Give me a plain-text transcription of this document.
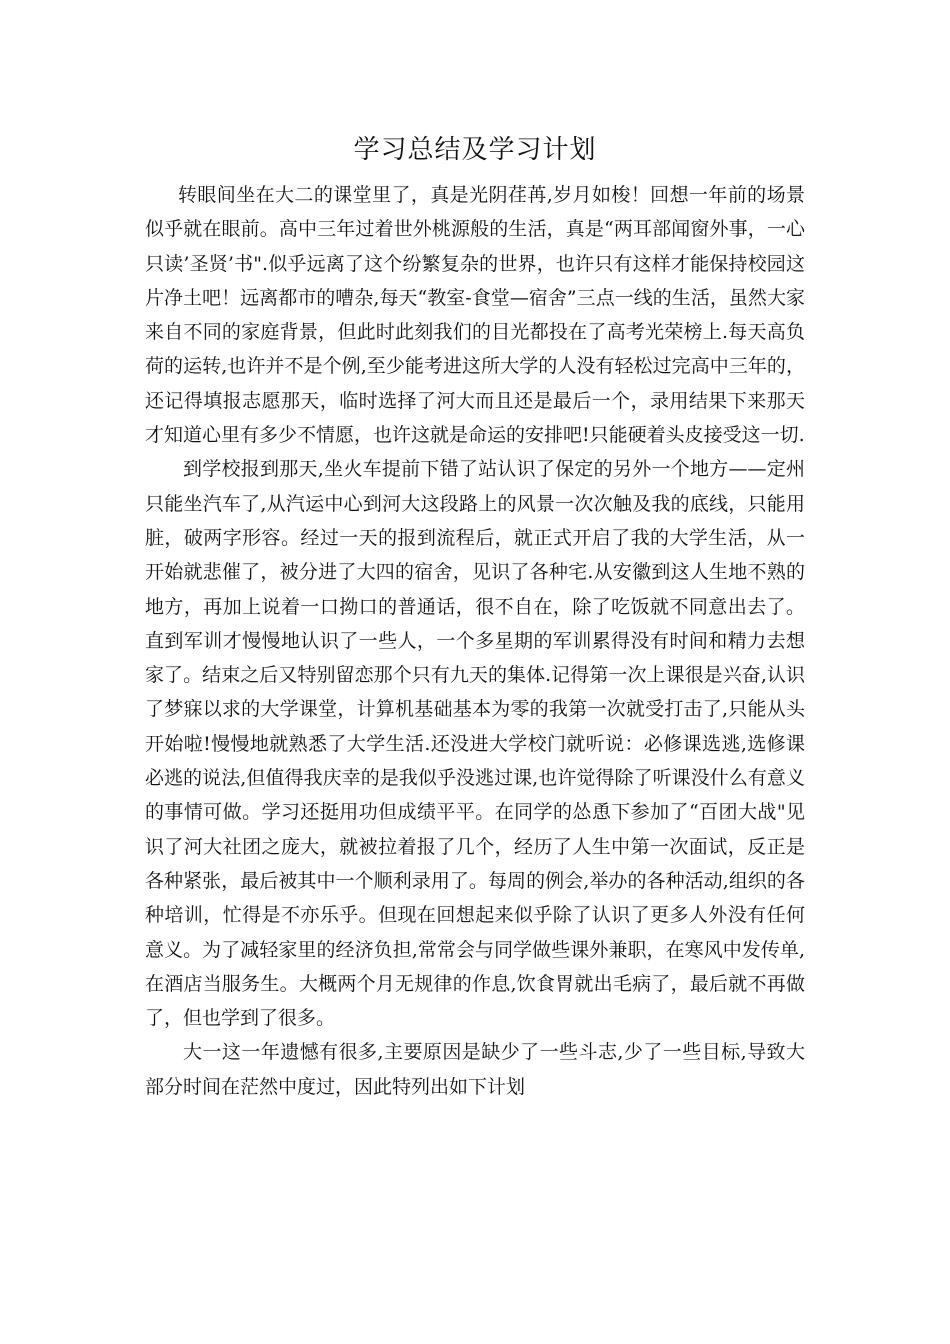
学习总结及学习计划

转眼间坐在大二的课堂里了，真是光阴荏苒,岁月如梭！回想一年前的场景似乎就在眼前。高中三年过着世外桃源般的生活，真是“两耳部闻窗外事，一心只读’圣贤’书".似乎远离了这个纷繁复杂的世界，也许只有这样才能保持校园这片净土吧！远离都市的嘈杂,每天“教室-食堂—宿舍”三点一线的生活，虽然大家来自不同的家庭背景，但此时此刻我们的目光都投在了高考光荣榜上.每天高负荷的运转,也许并不是个例,至少能考进这所大学的人没有轻松过完高中三年的，还记得填报志愿那天，临时选择了河大而且还是最后一个，录用结果下来那天才知道心里有多少不情愿，也许这就是命运的安排吧!只能硬着头皮接受这一切.

到学校报到那天,坐火车提前下错了站认识了保定的另外一个地方——定州只能坐汽车了,从汽运中心到河大这段路上的风景一次次触及我的底线，只能用脏，破两字形容。经过一天的报到流程后，就正式开启了我的大学生活，从一开始就悲催了，被分进了大四的宿舍，见识了各种宅.从安徽到这人生地不熟的地方，再加上说着一口拗口的普通话，很不自在，除了吃饭就不同意出去了。直到军训才慢慢地认识了一些人，一个多星期的军训累得没有时间和精力去想家了。结束之后又特别留恋那个只有九天的集体.记得第一次上课很是兴奋,认识了梦寐以求的大学课堂，计算机基础基本为零的我第一次就受打击了,只能从头开始啦!慢慢地就熟悉了大学生活.还没进大学校门就听说：必修课选逃,选修课必逃的说法,但值得我庆幸的是我似乎没逃过课,也许觉得除了听课没什么有意义的事情可做。学习还挺用功但成绩平平。在同学的怂恿下参加了“百团大战"见识了河大社团之庞大，就被拉着报了几个，经历了人生中第一次面试，反正是各种紧张，最后被其中一个顺利录用了。每周的例会,举办的各种活动,组织的各种培训，忙得是不亦乐乎。但现在回想起来似乎除了认识了更多人外没有任何意义。为了减轻家里的经济负担,常常会与同学做些课外兼职，在寒风中发传单,在酒店当服务生。大概两个月无规律的作息,饮食胃就出毛病了，最后就不再做了，但也学到了很多。

大一这一年遗憾有很多,主要原因是缺少了一些斗志,少了一些目标,导致大部分时间在茫然中度过，因此特列出如下计划
